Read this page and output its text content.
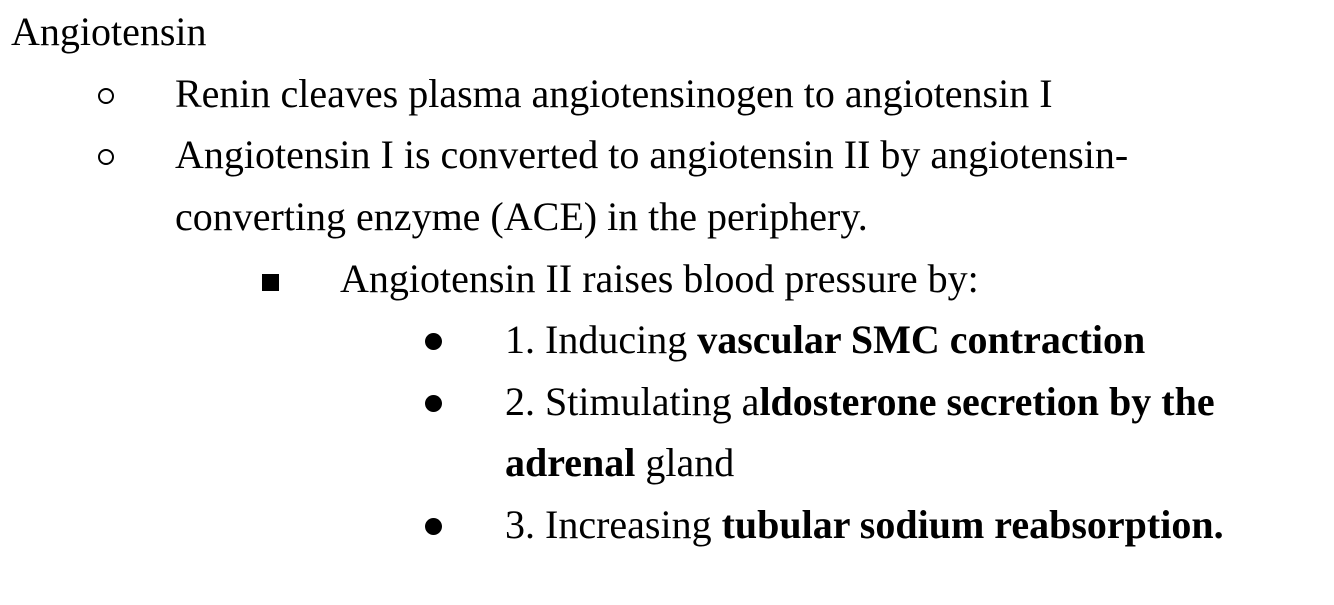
Angiotensin
Renin cleaves plasma angiotensinogen to angiotensin I
Angiotensin I is converted to angiotensin II by angiotensin-
converting enzyme (ACE) in the periphery.
Angiotensin II raises blood pressure by:
1. Inducing vascular SMC contraction
2. Stimulating aldosterone secretion by the
adrenal gland
3. Increasing tubular sodium reabsorption.
